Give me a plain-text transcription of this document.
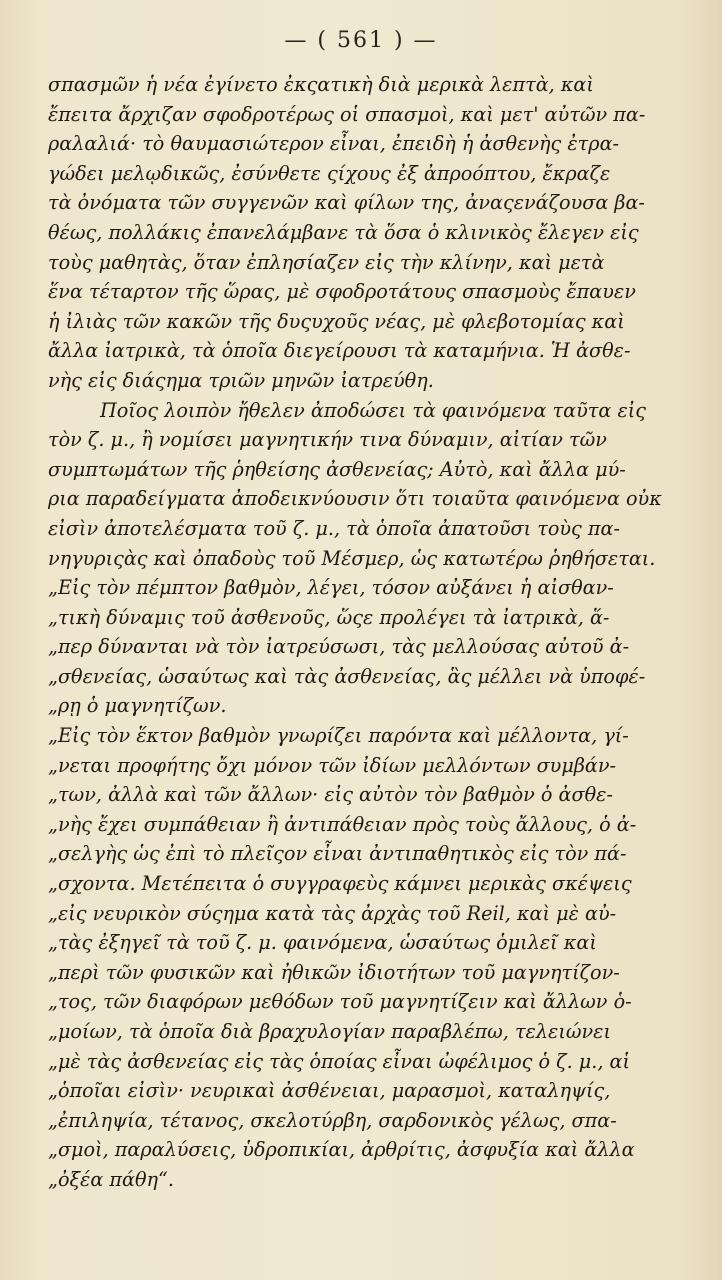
— ( 561 ) —

σπασμῶν ἡ νέα ἐγίνετο ἐκςατικὴ διὰ μερικὰ λεπτὰ, καὶ
ἔπειτα ἄρχιζαν σφοδροτέρως οἱ σπασμοὶ, καὶ μετ' αὐτῶν πα-
ραλαλιά· τὸ θαυμασιώτερον εἶναι, ἐπειδὴ ἡ ἀσθενὴς ἐτρα-
γώδει μελῳδικῶς, ἐσύνθετε ςίχους ἐξ ἀπροόπτου, ἔκραζε
τὰ ὀνόματα τῶν συγγενῶν καὶ φίλων της, ἀναςενάζουσα βα-
θέως, πολλάκις ἐπανελάμβανε τὰ ὅσα ὁ κλινικὸς ἔλεγεν εἰς
τοὺς μαθητὰς, ὅταν ἐπλησίαζεν εἰς τὴν κλίνην, καὶ μετὰ
ἕνα τέταρτον τῆς ὥρας, μὲ σφοδροτάτους σπασμοὺς ἔπαυεν
ἡ ἰλιὰς τῶν κακῶν τῆς δυςυχοῦς νέας, μὲ φλεβοτομίας καὶ
ἄλλα ἰατρικὰ, τὰ ὁποῖα διεγείρουσι τὰ καταμήνια. Ἡ ἀσθε-
νὴς εἰς διάςημα τριῶν μηνῶν ἰατρεύθη.

Ποῖος λοιπὸν ἤθελεν ἀποδώσει τὰ φαινόμενα ταῦτα εἰς
τὸν ζ. μ., ἢ νομίσει μαγνητικήν τινα δύναμιν, αἰτίαν τῶν
συμπτωμάτων τῆς ῥηθείσης ἀσθενείας; Αὐτὸ, καὶ ἄλλα μύ-
ρια παραδείγματα ἀποδεικνύουσιν ὅτι τοιαῦτα φαινόμενα οὐκ
εἰσὶν ἀποτελέσματα τοῦ ζ. μ., τὰ ὁποῖα ἀπατοῦσι τοὺς πα-
νηγυριςὰς καὶ ὀπαδοὺς τοῦ Μέσμερ, ὡς κατωτέρω ῥηθήσεται.
„Εἰς τὸν πέμπτον βαθμὸν, λέγει, τόσον αὐξάνει ἡ αἰσθαν-
„τικὴ δύναμις τοῦ ἀσθενοῦς, ὥςε προλέγει τὰ ἰατρικὰ, ἅ-
„περ δύνανται νὰ τὸν ἰατρεύσωσι, τὰς μελλούσας αὐτοῦ ἀ-
„σθενείας, ὡσαύτως καὶ τὰς ἀσθενείας, ἃς μέλλει νὰ ὑποφέ-
„ρῃ ὁ μαγνητίζων.

„Εἰς τὸν ἕκτον βαθμὸν γνωρίζει παρόντα καὶ μέλλοντα, γί-
„νεται προφήτης ὄχι μόνον τῶν ἰδίων μελλόντων συμβάν-
„των, ἀλλὰ καὶ τῶν ἄλλων· εἰς αὐτὸν τὸν βαθμὸν ὁ ἀσθε-
„νὴς ἔχει συμπάθειαν ἢ ἀντιπάθειαν πρὸς τοὺς ἄλλους, ὁ ἀ-
„σελγὴς ὡς ἐπὶ τὸ πλεῖςον εἶναι ἀντιπαθητικὸς εἰς τὸν πά-
„σχοντα. Μετέπειτα ὁ συγγραφεὺς κάμνει μερικὰς σκέψεις
„εἰς νευρικὸν σύςημα κατὰ τὰς ἀρχὰς τοῦ Reil, καὶ μὲ αὐ-
„τὰς ἐξηγεῖ τὰ τοῦ ζ. μ. φαινόμενα, ὡσαύτως ὁμιλεῖ καὶ
„περὶ τῶν φυσικῶν καὶ ἠθικῶν ἰδιοτήτων τοῦ μαγνητίζον-
„τος, τῶν διαφόρων μεθόδων τοῦ μαγνητίζειν καὶ ἄλλων ὁ-
„μοίων, τὰ ὁποῖα διὰ βραχυλογίαν παραβλέπω, τελειώνει
„μὲ τὰς ἀσθενείας εἰς τὰς ὁποίας εἶναι ὠφέλιμος ὁ ζ. μ., αἱ
„ὁποῖαι εἰσὶν· νευρικαὶ ἀσθένειαι, μαρασμοὶ, καταληψίς,
„ἐπιληψία, τέτανος, σκελοτύρβη, σαρδονικὸς γέλως, σπα-
„σμοὶ, παραλύσεις, ὑδροπικίαι, ἀρθρίτις, ἀσφυξία καὶ ἄλλα
„ὀξέα πάθη“.
